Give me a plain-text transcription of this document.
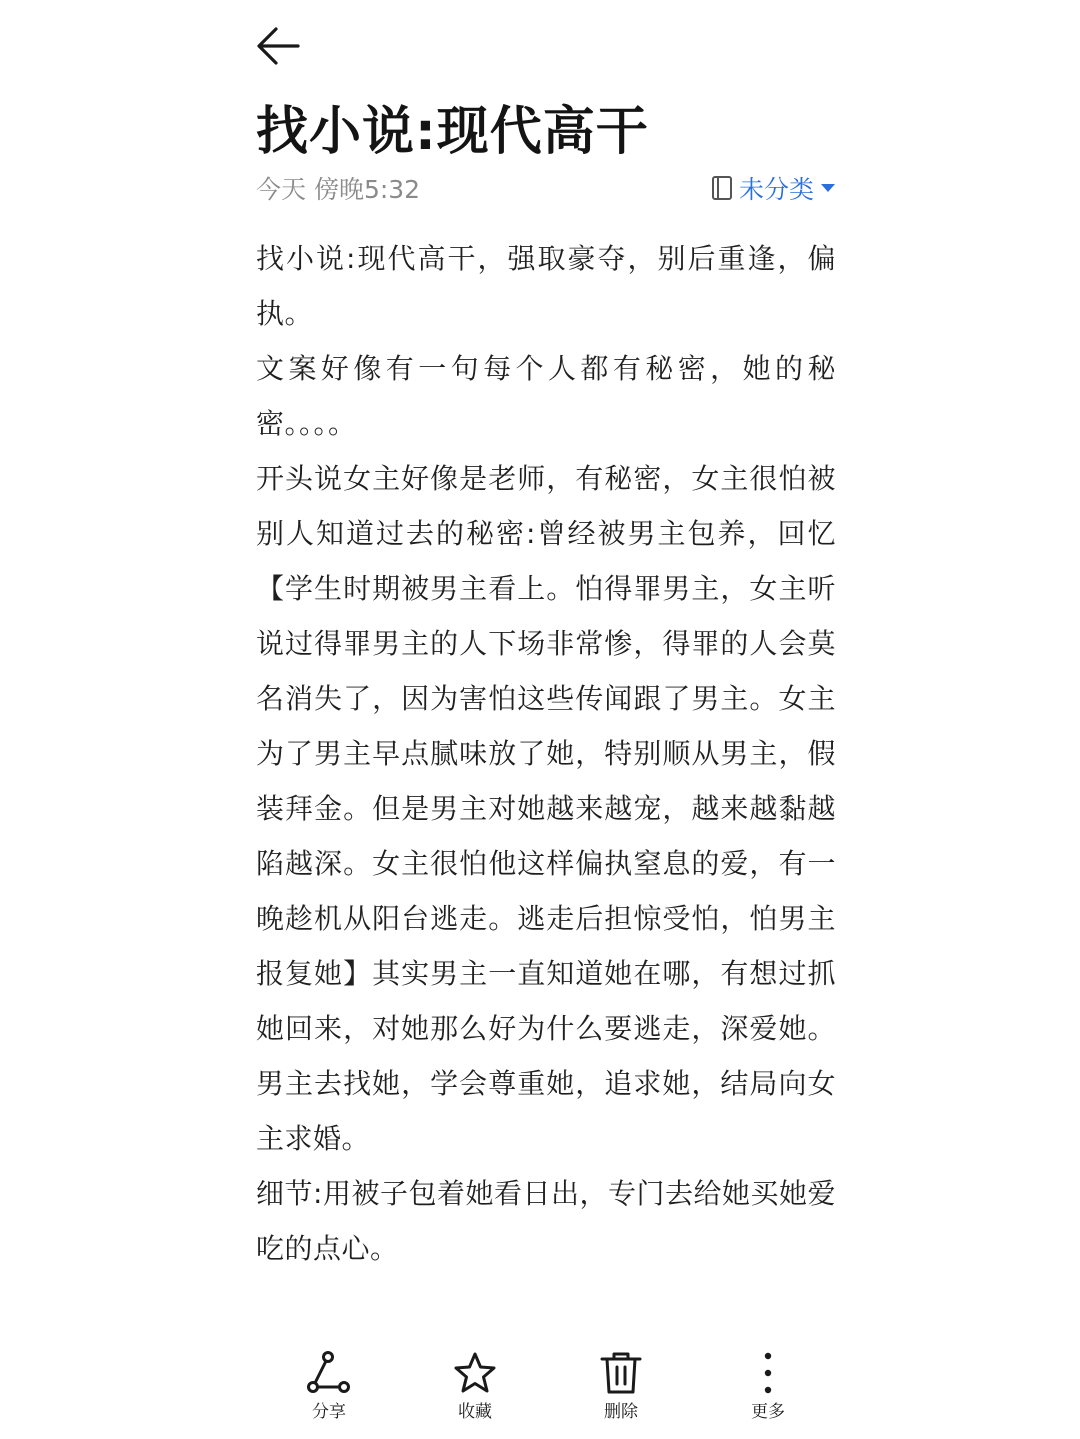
找小说:现代高干
今天 傍晚5:32	未分类

找小说:现代高干，强取豪夺，别后重逢，偏执。

文案好像有一句每个人都有秘密，她的秘密。。。。

开头说女主好像是老师，有秘密，女主很怕被别人知道过去的秘密:曾经被男主包养，回忆【学生时期被男主看上。怕得罪男主，女主听说过得罪男主的人下场非常惨，得罪的人会莫名消失了，因为害怕这些传闻跟了男主。女主为了男主早点腻味放了她，特别顺从男主，假装拜金。但是男主对她越来越宠，越来越黏越陷越深。女主很怕他这样偏执窒息的爱，有一晚趁机从阳台逃走。逃走后担惊受怕，怕男主报复她】其实男主一直知道她在哪，有想过抓她回来，对她那么好为什么要逃走，深爱她。男主去找她，学会尊重她，追求她，结局向女主求婚。

细节:用被子包着她看日出，专门去给她买她爱吃的点心。

分享	收藏	删除	更多
